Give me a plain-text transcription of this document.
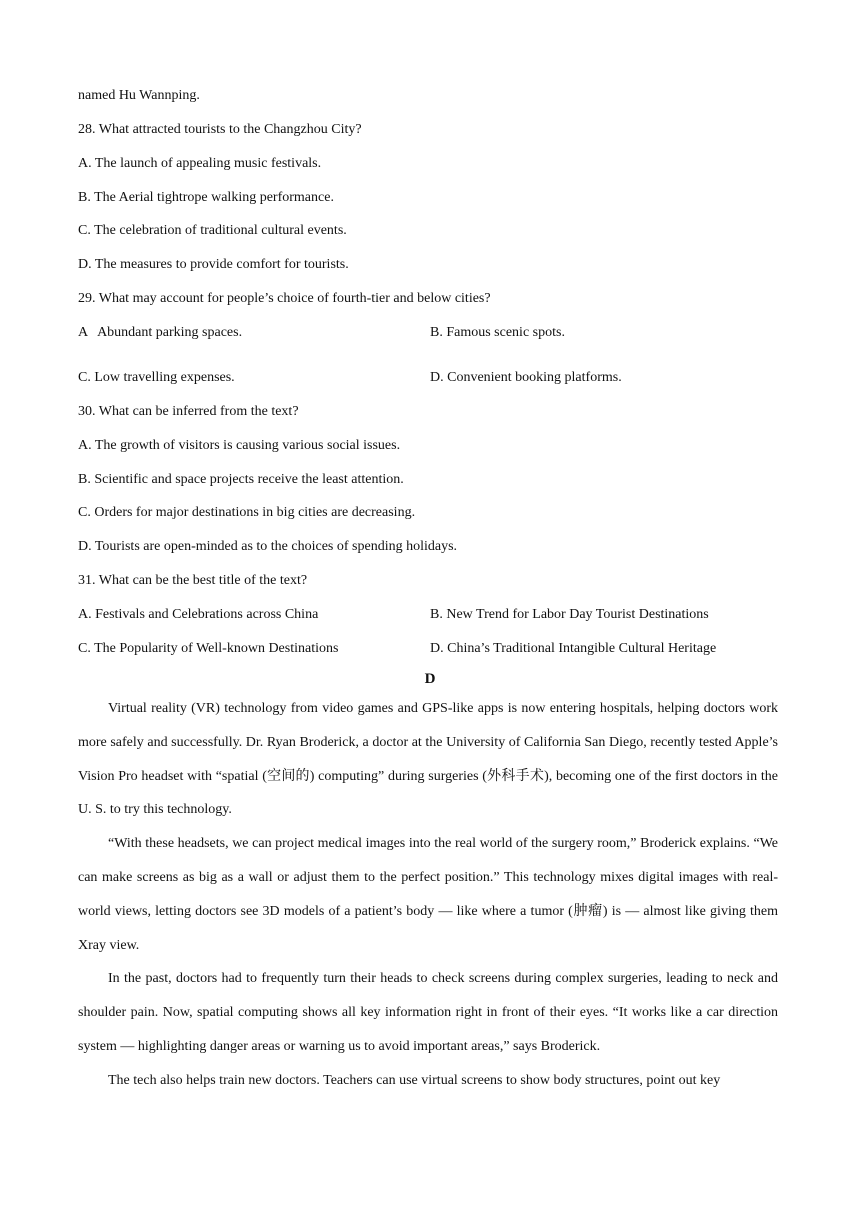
named Hu Wannping.
28. What attracted tourists to the Changzhou City?
A. The launch of appealing music festivals.
B. The Aerial tightrope walking performance.
C. The celebration of traditional cultural events.
D. The measures to provide comfort for tourists.
29. What may account for people’s choice of fourth-tier and below cities?
A   Abundant parking spaces.	B. Famous scenic spots.
C. Low travelling expenses.	D. Convenient booking platforms.
30. What can be inferred from the text?
A. The growth of visitors is causing various social issues.
B. Scientific and space projects receive the least attention.
C. Orders for major destinations in big cities are decreasing.
D. Tourists are open-minded as to the choices of spending holidays.
31. What can be the best title of the text?
A. Festivals and Celebrations across China	B. New Trend for Labor Day Tourist Destinations
C. The Popularity of Well-known Destinations	D. China’s Traditional Intangible Cultural Heritage
D

Virtual reality (VR) technology from video games and GPS-like apps is now entering hospitals, helping doctors work more safely and successfully. Dr. Ryan Broderick, a doctor at the University of California San Diego, recently tested Apple’s Vision Pro headset with “spatial (空间的) computing” during surgeries (外科手术), becoming one of the first doctors in the U. S. to try this technology.

“With these headsets, we can project medical images into the real world of the surgery room,” Broderick explains. “We can make screens as big as a wall or adjust them to the perfect position.” This technology mixes digital images with real-world views, letting doctors see 3D models of a patient’s body — like where a tumor (肿瘤) is — almost like giving them Xray view.

In the past, doctors had to frequently turn their heads to check screens during complex surgeries, leading to neck and shoulder pain. Now, spatial computing shows all key information right in front of their eyes. “It works like a car direction system — highlighting danger areas or warning us to avoid important areas,” says Broderick.

The tech also helps train new doctors. Teachers can use virtual screens to show body structures, point out key
